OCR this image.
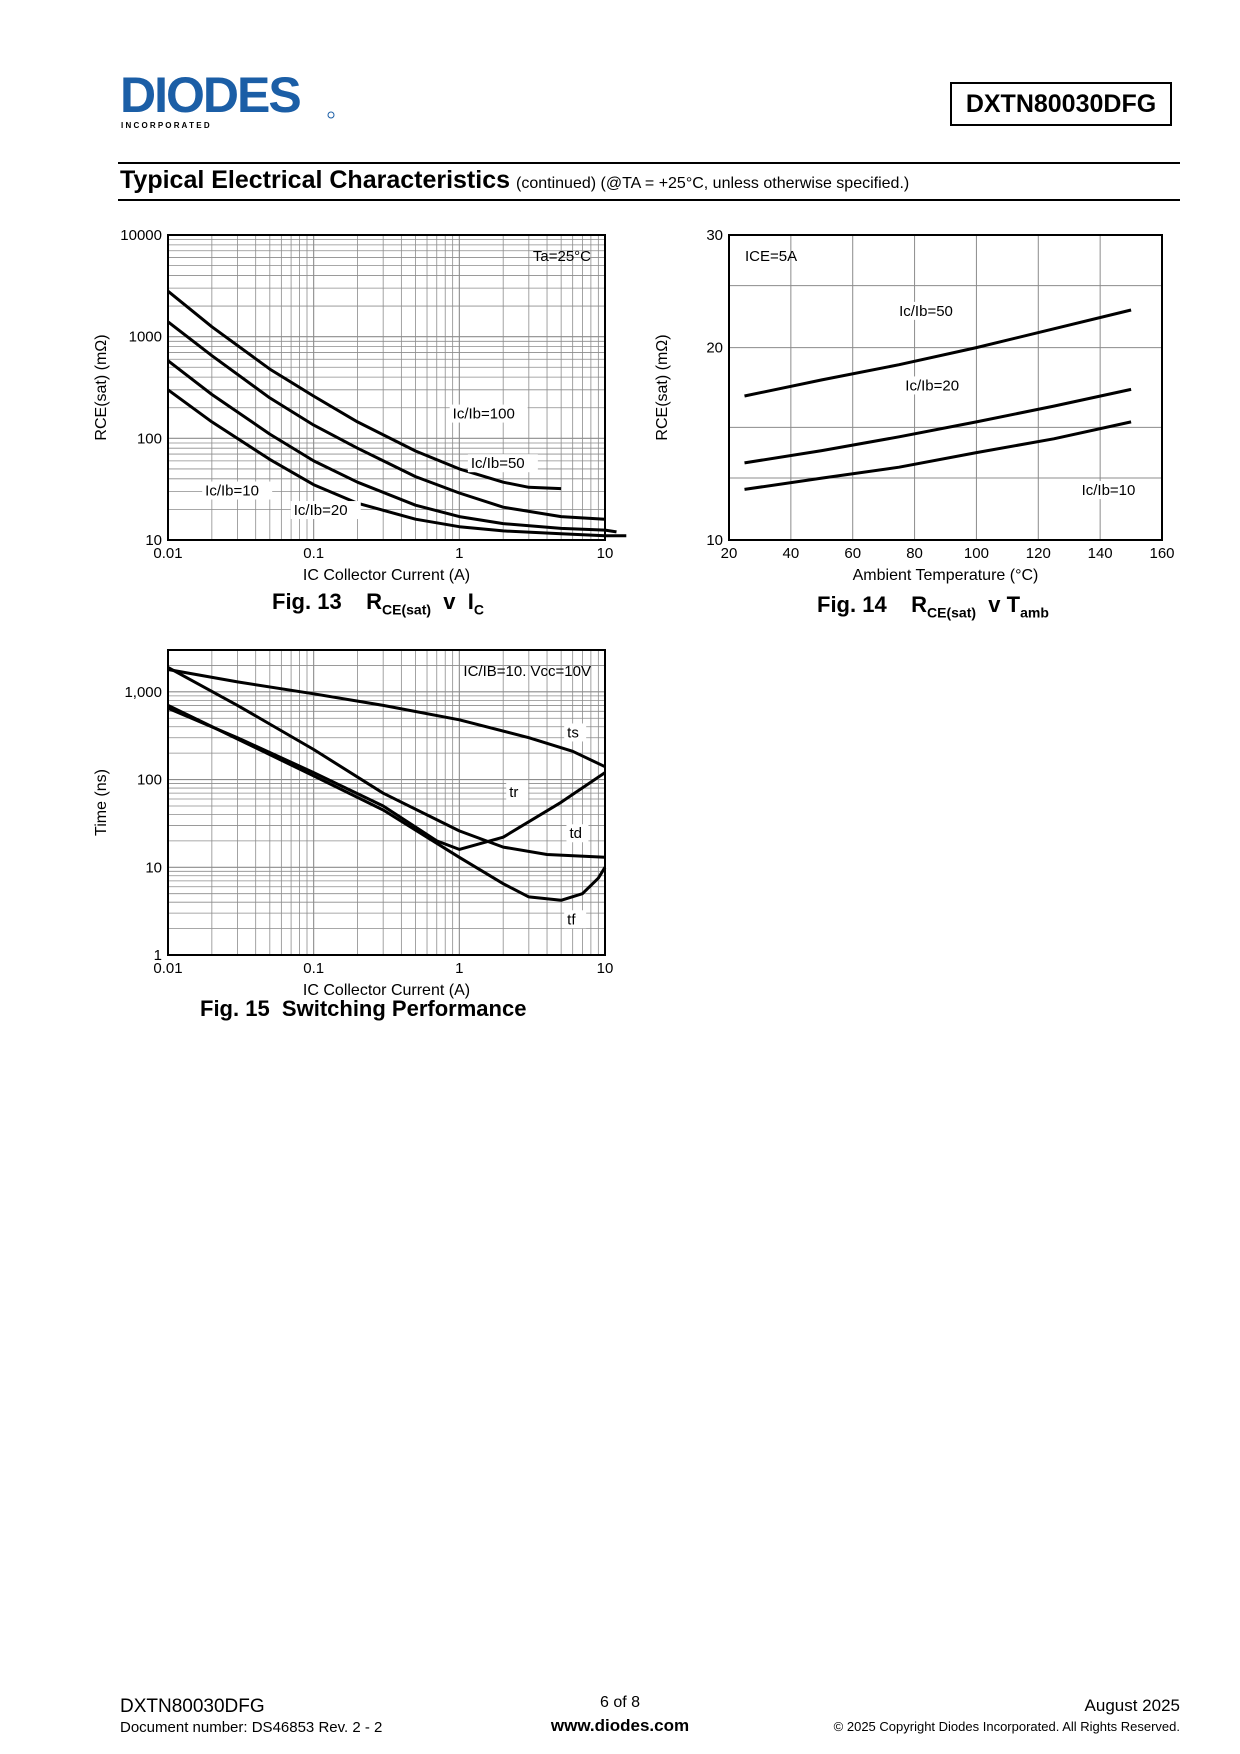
DIODES
I N C O R P O R A T E D
DXTN80030DFG
Typical Electrical Characteristics (continued) (@TA = +25°C, unless otherwise specified.)
0.01	0.1	1	10
10
100
1000
10000
IC Collector Current (A)
RCE(sat) (mΩ)
Ta=25°C
Ic/Ib=100
Ic/Ib=50
Ic/Ib=10
Ic/Ib=20
20	40	60	80	100 120 140 160
10
20
30
Ambient Temperature (°C)
RCE(sat) (mΩ)
ICE=5A
Ic/Ib=50
Ic/Ib=20
Ic/Ib=10
0.01	0.1	1	10
1
10
100
1,000
IC Collector Current (A)
Time (ns)
IC/IB=10. Vcc=10V
ts
tr
td
tf
Fig. 13 $R_{CE(sat)}$ v $I_C$	Fig. 14 $R_{CE(sat)}$ v $T_{amb}$
Fig. 15 Switching Performance
DXTN80030DFG
Document number: DS46853 Rev. 2 - 2
6 of 8
www.diodes.com
August 2025
© 2025 Copyright Diodes Incorporated. All Rights Reserved.
